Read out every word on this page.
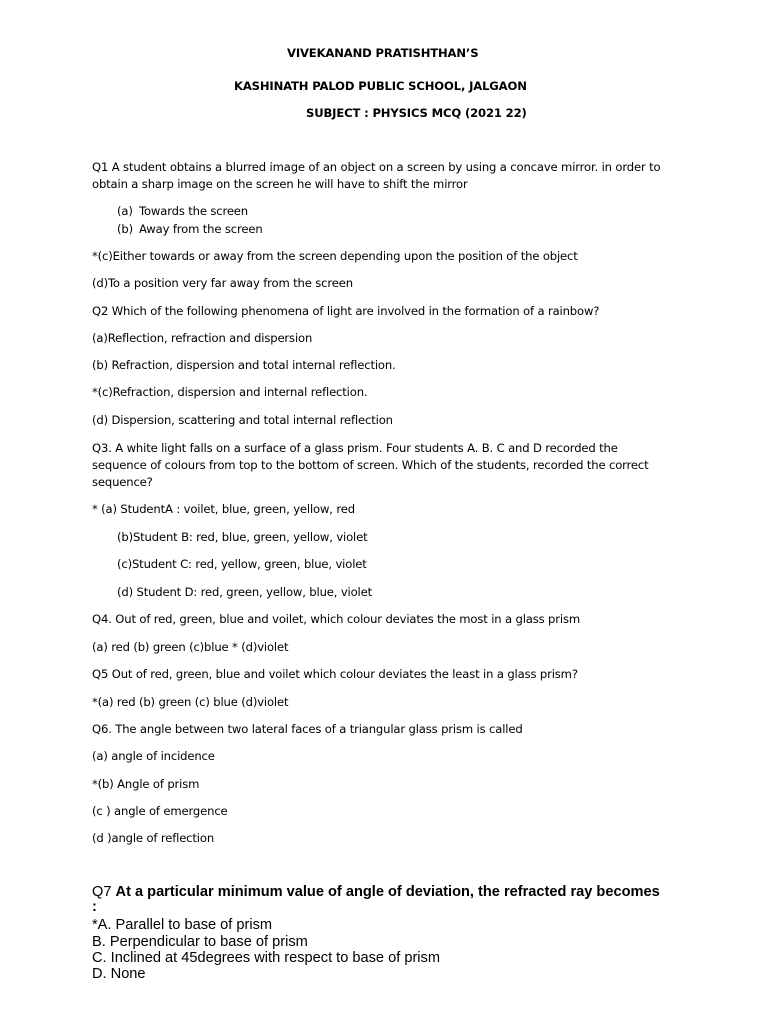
VIVEKANAND PRATISHTHAN’S
KASHINATH PALOD PUBLIC SCHOOL, JALGAON
SUBJECT : PHYSICS MCQ (2021 22)
Q1 A student obtains a blurred image of an object on a screen by using a concave mirror. in order to
obtain a sharp image on the screen he will have to shift the mirror
(a) Towards the screen
(b) Away from the screen
*(c)Either towards or away from the screen depending upon the position of the object
(d)To a position very far away from the screen
Q2 Which of the following phenomena of light are involved in the formation of a rainbow?
(a)Reflection, refraction and dispersion
(b) Refraction, dispersion and total internal reflection.
*(c)Refraction, dispersion and internal reflection.
(d) Dispersion, scattering and total internal reflection
Q3. A white light falls on a surface of a glass prism. Four students A. B. C and D recorded the
sequence of colours from top to the bottom of screen. Which of the students, recorded the correct
sequence?
* (a) StudentA : voilet, blue, green, yellow, red
(b)Student B: red, blue, green, yellow, violet
(c)Student C: red, yellow, green, blue, violet
(d) Student D: red, green, yellow, blue, violet
Q4. Out of red, green, blue and voilet, which colour deviates the most in a glass prism
(a) red (b) green (c)blue * (d)violet
Q5 Out of red, green, blue and voilet which colour deviates the least in a glass prism?
*(a) red (b) green (c) blue (d)violet
Q6. The angle between two lateral faces of a triangular glass prism is called
(a) angle of incidence
*(b) Angle of prism
(c ) angle of emergence
(d )angle of reflection
Q7 At a particular minimum value of angle of deviation, the refracted ray becomes
:
*A. Parallel to base of prism
B. Perpendicular to base of prism
C. Inclined at 45degrees with respect to base of prism
D. None
